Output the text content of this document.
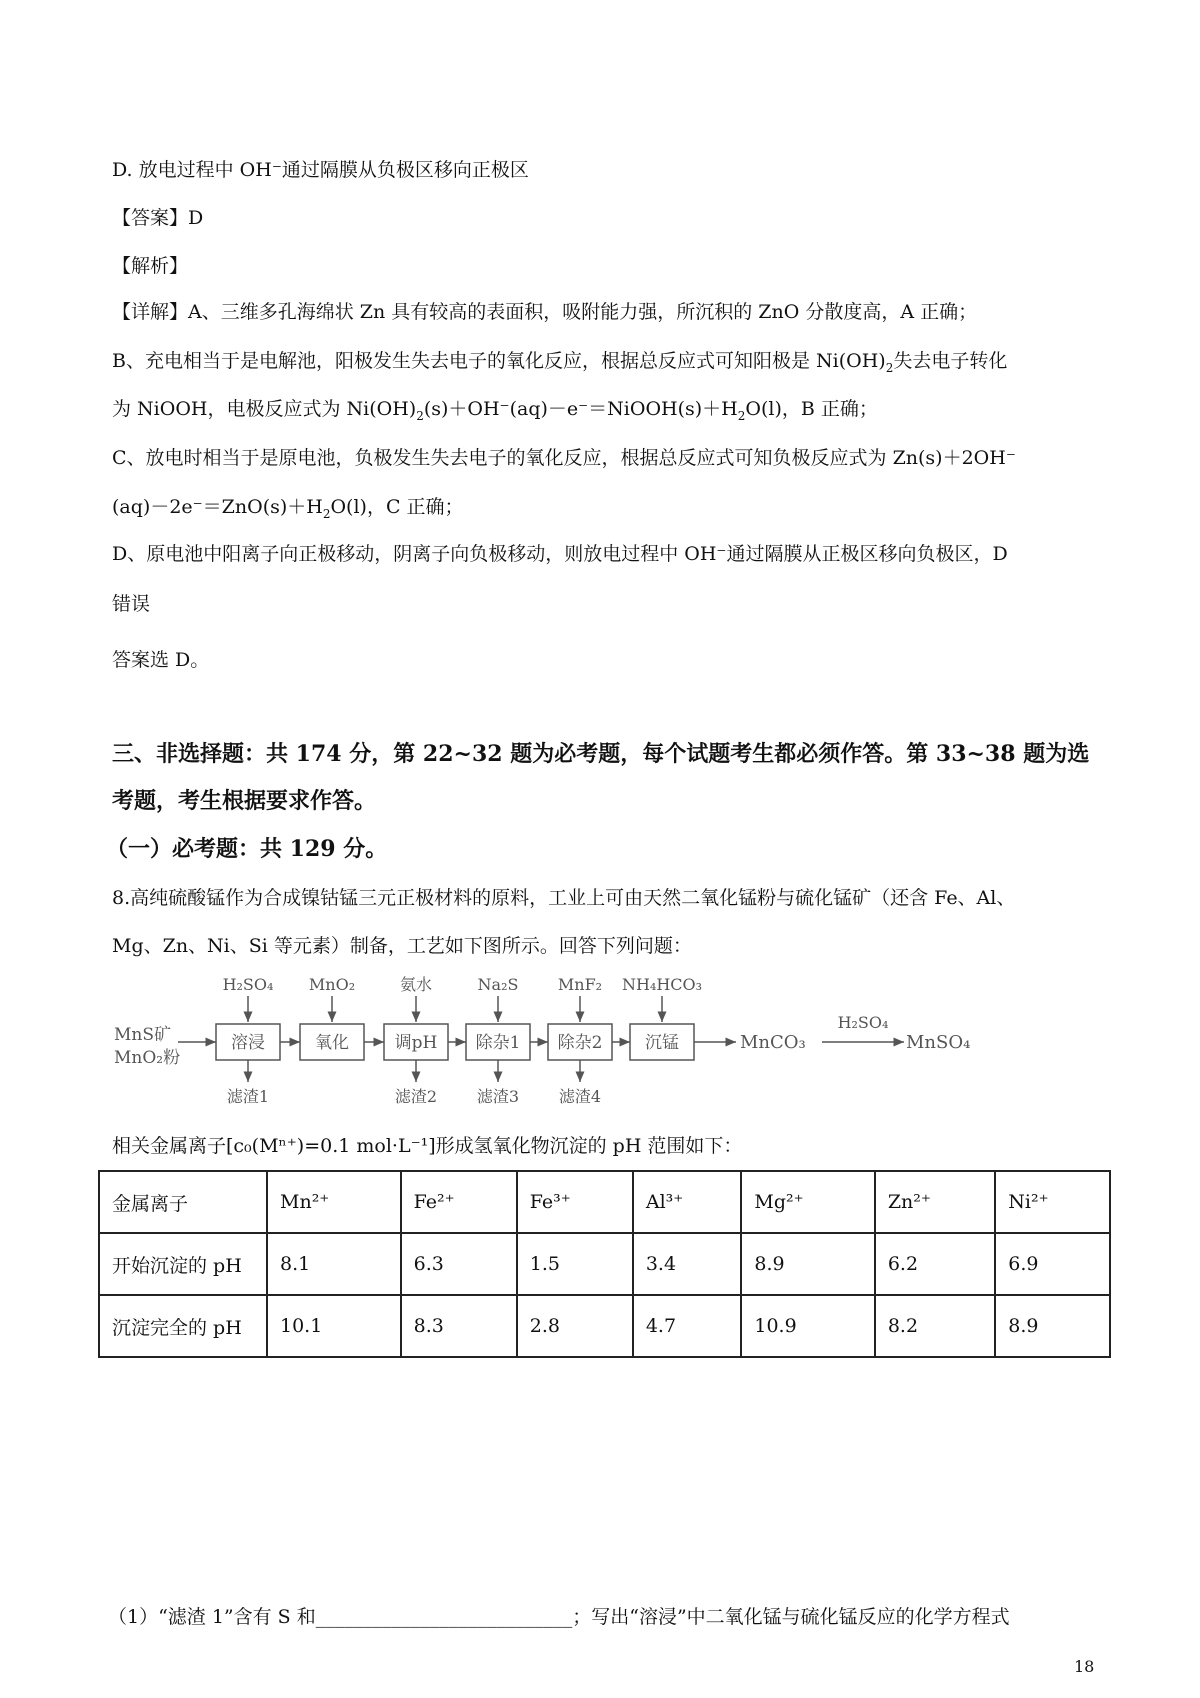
D. 放电过程中 OH⁻通过隔膜从负极区移向正极区
【答案】D
【解析】
【详解】A、三维多孔海绵状 Zn 具有较高的表面积，吸附能力强，所沉积的 ZnO 分散度高，A 正确；
B、充电相当于是电解池，阳极发生失去电子的氧化反应，根据总反应式可知阳极是 $Ni(OH)_2$失去电子转化
为 NiOOH，电极反应式为 $Ni(OH)_2(s)+OH^-(aq)-e^-=NiOOH(s)+H_2O(l)$，B 正确；
C、放电时相当于是原电池，负极发生失去电子的氧化反应，根据总反应式可知负极反应式为 Zn(s)＋2OH⁻
$(aq)-2e^-=ZnO(s)+H_2O(l)$，C 正确；
D、原电池中阳离子向正极移动，阴离子向负极移动，则放电过程中 OH⁻通过隔膜从正极区移向负极区，D
错误
答案选 D。
三、非选择题：共 174 分，第 22~32 题为必考题，每个试题考生都必须作答。第 33~38 题为选
考题，考生根据要求作答。
（一）必考题：共 129 分。
8.高纯硫酸锰作为合成镍钴锰三元正极材料的原料，工业上可由天然二氧化锰粉与硫化锰矿（还含 Fe、Al、
Mg、Zn、Ni、Si 等元素）制备，工艺如下图所示。回答下列问题：
MnS矿
MnO₂粉
溶浸
H₂SO₄
滤渣1
氧化
MnO₂
调pH
氨水
滤渣2
除杂1
Na₂S
滤渣3
除杂2
MnF₂
滤渣4
沉锰
NH₄HCO₃
MnCO₃
H₂SO₄
MnSO₄
相关金属离子[c₀(Mⁿ⁺)=0.1 mol·L⁻¹]形成氢氧化物沉淀的 pH 范围如下：
金属离子	Mn²⁺	Fe²⁺	Fe³⁺	Al³⁺	Mg²⁺	Zn²⁺	Ni²⁺
开始沉淀的 pH	8.1	6.3	1.5	3.4	8.9	6.2	6.9
沉淀完全的 pH	10.1	8.3	2.8	4.7	10.9	8.2	8.9
（1）“滤渣 1”含有 S 和___________________________；写出“溶浸”中二氧化锰与硫化锰反应的化学方程式
18
